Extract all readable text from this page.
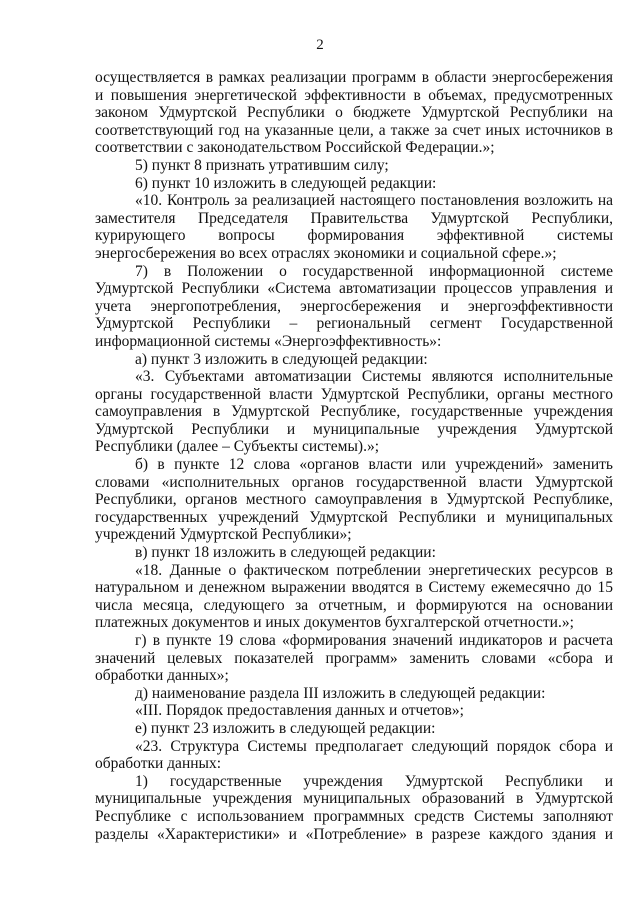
2

осуществляется в рамках реализации программ в области энергосбережения и повышения энергетической эффективности в объемах, предусмотренных законом Удмуртской Республики о бюджете Удмуртской Республики на соответствующий год на указанные цели, а также за счет иных источников в соответствии с законодательством Российской Федерации.»;

5) пункт 8 признать утратившим силу;

6) пункт 10 изложить в следующей редакции:

«10. Контроль за реализацией настоящего постановления возложить на заместителя Председателя Правительства Удмуртской Республики, курирующего вопросы формирования эффективной системы энергосбережения во всех отраслях экономики и социальной сфере.»;

7) в Положении о государственной информационной системе Удмуртской Республики «Система автоматизации процессов управления и учета энергопотребления, энергосбережения и энергоэффективности Удмуртской Республики – региональный сегмент Государственной информационной системы «Энергоэффективность»:

а) пункт 3 изложить в следующей редакции:

«3. Субъектами автоматизации Системы являются исполнительные органы государственной власти Удмуртской Республики, органы местного самоуправления в Удмуртской Республике, государственные учреждения Удмуртской Республики и муниципальные учреждения Удмуртской Республики (далее – Субъекты системы).»;

б) в пункте 12 слова «органов власти или учреждений» заменить словами «исполнительных органов государственной власти Удмуртской Республики, органов местного самоуправления в Удмуртской Республике, государственных учреждений Удмуртской Республики и муниципальных учреждений Удмуртской Республики»;

в) пункт 18 изложить в следующей редакции:

«18. Данные о фактическом потреблении энергетических ресурсов в натуральном и денежном выражении вводятся в Систему ежемесячно до 15 числа месяца, следующего за отчетным, и формируются на основании платежных документов и иных документов бухгалтерской отчетности.»;

г) в пункте 19 слова «формирования значений индикаторов и расчета значений целевых показателей программ» заменить словами «сбора и обработки данных»;

д) наименование раздела III изложить в следующей редакции:

«III. Порядок предоставления данных и отчетов»;

е) пункт 23 изложить в следующей редакции:

«23. Структура Системы предполагает следующий порядок сбора и обработки данных:

1) государственные учреждения Удмуртской Республики и муниципальные учреждения муниципальных образований в Удмуртской Республике с использованием программных средств Системы заполняют разделы «Характеристики» и «Потребление» в разрезе каждого здания и
